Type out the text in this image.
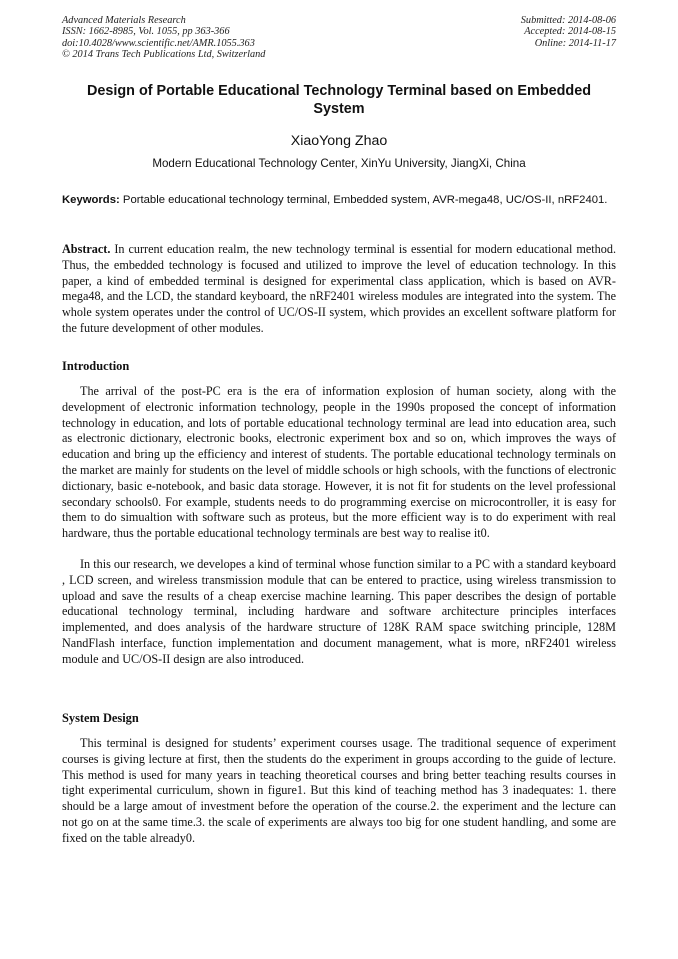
Advanced Materials Research
ISSN: 1662-8985, Vol. 1055, pp 363-366
doi:10.4028/www.scientific.net/AMR.1055.363
© 2014 Trans Tech Publications Ltd, Switzerland
Submitted: 2014-08-06
Accepted: 2014-08-15
Online: 2014-11-17
Design of Portable Educational Technology Terminal based on Embedded System
XiaoYong Zhao
Modern Educational Technology Center, XinYu University, JiangXi, China
Keywords: Portable educational technology terminal, Embedded system, AVR-mega48, UC/OS-II, nRF2401.
Abstract. In current education realm, the new technology terminal is essential for modern educational method. Thus, the embedded technology is focused and utilized to improve the level of education technology. In this paper, a kind of embedded terminal is designed for experimental class application, which is based on AVR-mega48, and the LCD, the standard keyboard, the nRF2401 wireless modules are integrated into the system. The whole system operates under the control of UC/OS-II system, which provides an excellent software platform for the future development of other modules.
Introduction

The arrival of the post-PC era is the era of information explosion of human society, along with the development of electronic information technology, people in the 1990s proposed the concept of information technology in education, and lots of portable educational technology terminal are lead into education area, such as electronic dictionary, electronic books, electronic experiment box and so on, which improves the ways of education and bring up the efficiency and interest of students. The portable educational technology terminals on the market are mainly for students on the level of middle schools or high schools, with the functions of electronic dictionary, basic e-notebook, and basic data storage. However, it is not fit for students on the level professional secondary schools0. For example, students needs to do programming exercise on microcontroller, it is easy for them to do simualtion with software such as proteus, but the more efficient way is to do experiment with real hardware, thus the portable educational technology terminals are best way to realise it0.

In this our research, we developes a kind of terminal whose function similar to a PC with a standard keyboard , LCD screen, and wireless transmission module that can be entered to practice, using wireless transmission to upload and save the results of a cheap exercise machine learning. This paper describes the design of portable educational technology terminal, including hardware and software architecture principles interfaces implemented, and does analysis of the hardware structure of 128K RAM space switching principle, 128M NandFlash interface, function implementation and document management, what is more, nRF2401 wireless module and UC/OS-II design are also introduced.

System Design

This terminal is designed for students’ experiment courses usage. The traditional sequence of experiment courses is giving lecture at first, then the students do the experiment in groups according to the guide of lecture. This method is used for many years in teaching theoretical courses and bring better teaching results courses in tight experimental curriculum, shown in figure1. But this kind of teaching method has 3 inadequates: 1. there should be a large amout of investment before the operation of the course.2. the experiment and the lecture can not go on at the same time.3. the scale of experiments are always too big for one student handling, and some are fixed on the table already0.
